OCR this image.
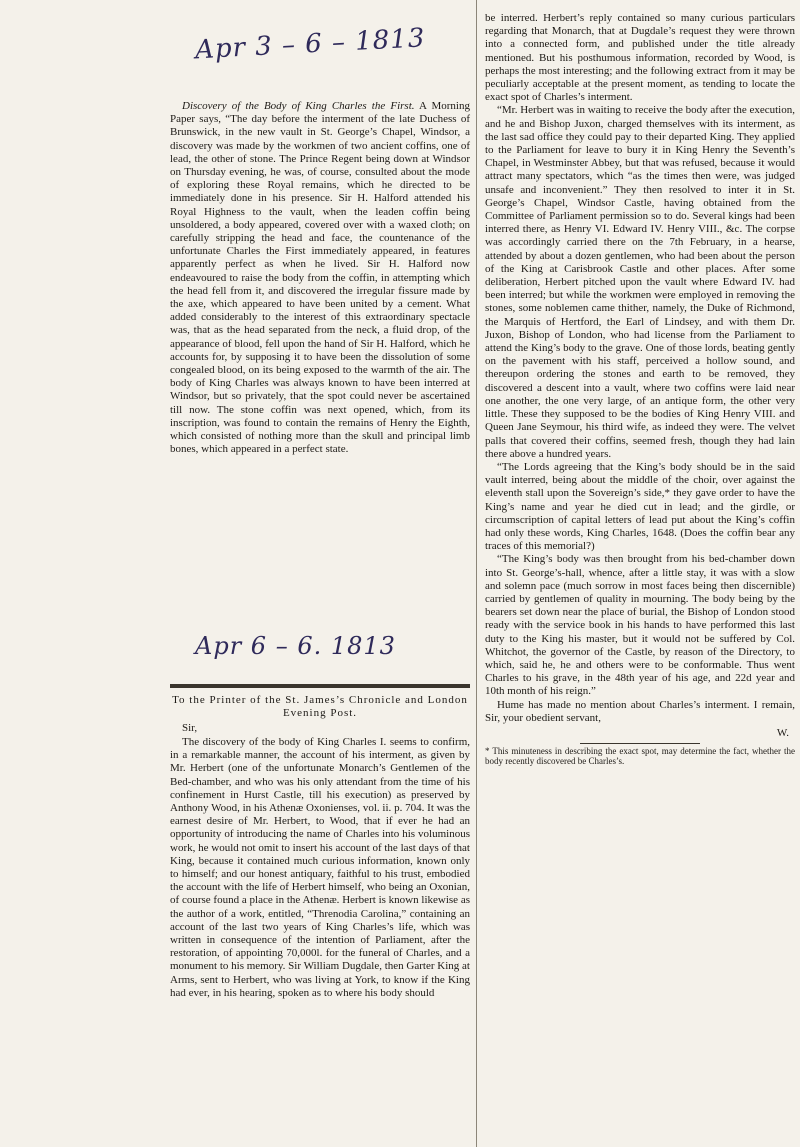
Apr 3 – 6 – 1813

Discovery of the Body of King Charles the First. A Morning Paper says, “The day before the interment of the late Duchess of Brunswick, in the new vault in St. George’s Chapel, Windsor, a discovery was made by the workmen of two ancient coffins, one of lead, the other of stone. The Prince Regent being down at Windsor on Thursday evening, he was, of course, consulted about the mode of exploring these Royal remains, which he directed to be immediately done in his presence. Sir H. Halford attended his Royal Highness to the vault, when the leaden coffin being unsoldered, a body appeared, covered over with a waxed cloth; on carefully stripping the head and face, the countenance of the unfortunate Charles the First immediately appeared, in features apparently perfect as when he lived. Sir H. Halford now endeavoured to raise the body from the coffin, in attempting which the head fell from it, and discovered the irregular fissure made by the axe, which appeared to have been united by a cement. What added considerably to the interest of this extraordinary spectacle was, that as the head separated from the neck, a fluid drop, of the appearance of blood, fell upon the hand of Sir H. Halford, which he accounts for, by supposing it to have been the dissolution of some congealed blood, on its being exposed to the warmth of the air. The body of King Charles was always known to have been interred at Windsor, but so privately, that the spot could never be ascertained till now. The stone coffin was next opened, which, from its inscription, was found to contain the remains of Henry the Eighth, which consisted of nothing more than the skull and principal limb bones, which appeared in a perfect state.

Apr 6 – 6. 1813
To the Printer of the St. James’s Chronicle and London Evening Post.
Sir,

The discovery of the body of King Charles I. seems to confirm, in a remarkable manner, the account of his interment, as given by Mr. Herbert (one of the unfortunate Monarch’s Gentlemen of the Bed-chamber, and who was his only attendant from the time of his confinement in Hurst Castle, till his execution) as preserved by Anthony Wood, in his Athenæ Oxonienses, vol. ii. p. 704. It was the earnest desire of Mr. Herbert, to Wood, that if ever he had an opportunity of introducing the name of Charles into his voluminous work, he would not omit to insert his account of the last days of that King, because it contained much curious information, known only to himself; and our honest antiquary, faithful to his trust, embodied the account with the life of Herbert himself, who being an Oxonian, of course found a place in the Athenæ. Herbert is known likewise as the author of a work, entitled, “Threnodia Carolina,” containing an account of the last two years of King Charles’s life, which was written in consequence of the intention of Parliament, after the restoration, of appointing 70,000l. for the funeral of Charles, and a monument to his memory. Sir William Dugdale, then Garter King at Arms, sent to Herbert, who was living at York, to know if the King had ever, in his hearing, spoken as to where his body should

be interred. Herbert’s reply contained so many curious particulars regarding that Monarch, that at Dugdale’s request they were thrown into a connected form, and published under the title already mentioned. But his posthumous information, recorded by Wood, is perhaps the most interesting; and the following extract from it may be peculiarly acceptable at the present moment, as tending to locate the exact spot of Charles’s interment.

“Mr. Herbert was in waiting to receive the body after the execution, and he and Bishop Juxon, charged themselves with its interment, as the last sad office they could pay to their departed King. They applied to the Parliament for leave to bury it in King Henry the Seventh’s Chapel, in Westminster Abbey, but that was refused, because it would attract many spectators, which “as the times then were, was judged unsafe and inconvenient.” They then resolved to inter it in St. George’s Chapel, Windsor Castle, having obtained from the Committee of Parliament permission so to do. Several kings had been interred there, as Henry VI. Edward IV. Henry VIII., &c. The corpse was accordingly carried there on the 7th February, in a hearse, attended by about a dozen gentlemen, who had been about the person of the King at Carisbrook Castle and other places. After some deliberation, Herbert pitched upon the vault where Edward IV. had been interred; but while the workmen were employed in removing the stones, some noblemen came thither, namely, the Duke of Richmond, the Marquis of Hertford, the Earl of Lindsey, and with them Dr. Juxon, Bishop of London, who had license from the Parliament to attend the King’s body to the grave. One of those lords, beating gently on the pavement with his staff, perceived a hollow sound, and thereupon ordering the stones and earth to be removed, they discovered a descent into a vault, where two coffins were laid near one another, the one very large, of an antique form, the other very little. These they supposed to be the bodies of King Henry VIII. and Queen Jane Seymour, his third wife, as indeed they were. The velvet palls that covered their coffins, seemed fresh, though they had lain there above a hundred years.

“The Lords agreeing that the King’s body should be in the said vault interred, being about the middle of the choir, over against the eleventh stall upon the Sovereign’s side,* they gave order to have the King’s name and year he died cut in lead; and the girdle, or circumscription of capital letters of lead put about the King’s coffin had only these words, King Charles, 1648. (Does the coffin bear any traces of this memorial?)

“The King’s body was then brought from his bed-chamber down into St. George’s-hall, whence, after a little stay, it was with a slow and solemn pace (much sorrow in most faces being then discernible) carried by gentlemen of quality in mourning. The body being by the bearers set down near the place of burial, the Bishop of London stood ready with the service book in his hands to have performed this last duty to the King his master, but it would not be suffered by Col. Whitchot, the governor of the Castle, by reason of the Directory, to which, said he, he and others were to be conformable. Thus went Charles to his grave, in the 48th year of his age, and 22d year and 10th month of his reign.”

Hume has made no mention about Charles’s interment. I remain, Sir, your obedient servant,

W.
* This minuteness in describing the exact spot, may determine the fact, whether the body recently discovered be Charles’s.
